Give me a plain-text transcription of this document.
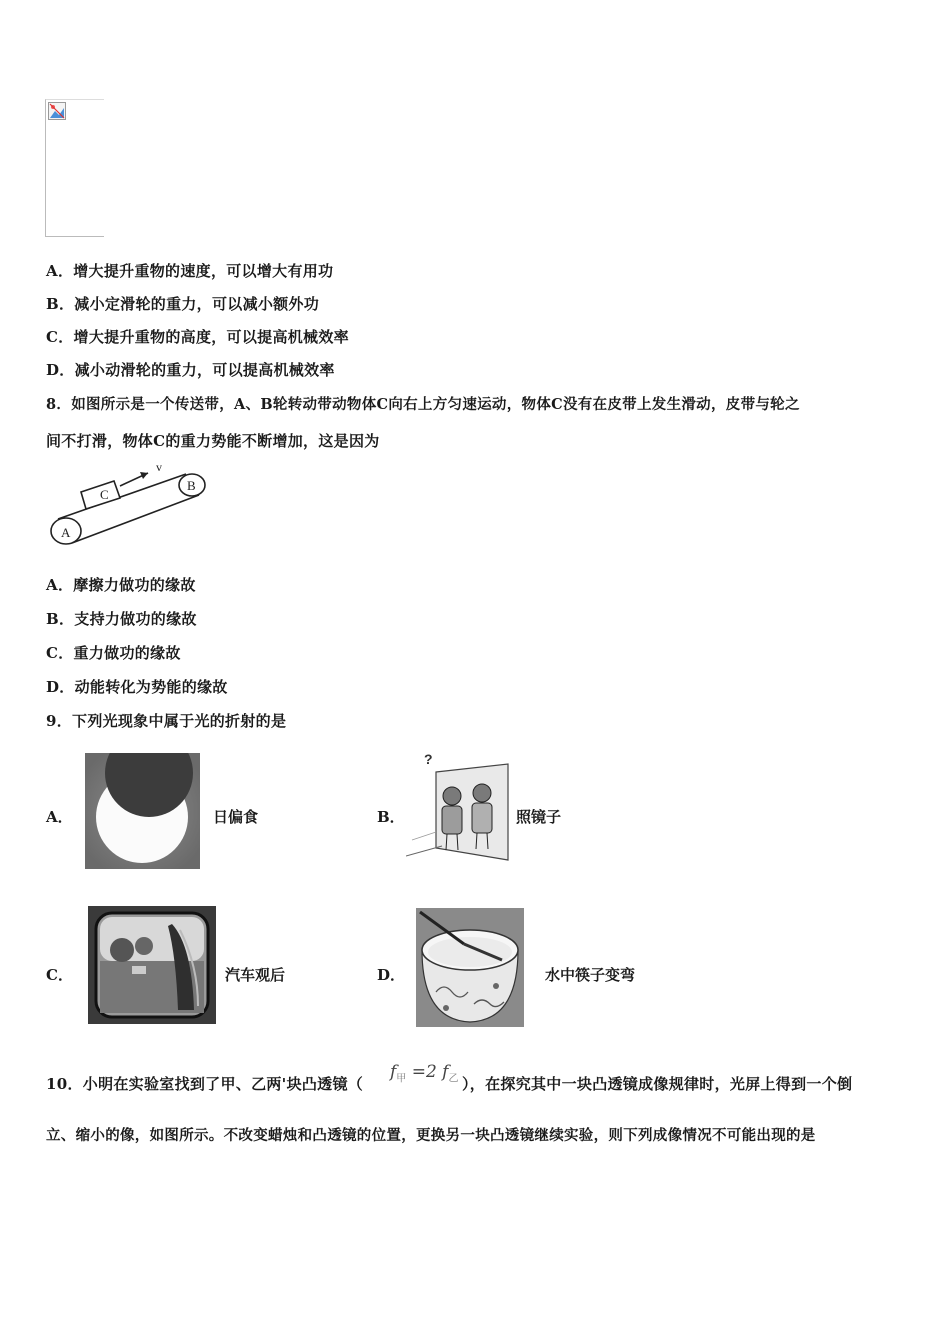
A．增大提升重物的速度，可以增大有用功
B．减小定滑轮的重力，可以减小额外功
C．增大提升重物的高度，可以提高机械效率
D．减小动滑轮的重力，可以提高机械效率
8．如图所示是一个传送带，A、B轮转动带动物体C向右上方匀速运动，物体C没有在皮带上发生滑动，皮带与轮之
间不打滑，物体C的重力势能不断增加，这是因为
C
v
B
A
A．摩擦力做功的缘故
B．支持力做功的缘故
C．重力做功的缘故
D．动能转化为势能的缘故
9．下列光现象中属于光的折射的是
A．	日偏食	B．
?
照镜子
C．	汽车观后	D．	水中筷子变弯
10．小明在实验室找到了甲、乙两'块凸透镜（
$f_甲 =2$ $f_乙$ ），在探究其中一块凸透镜成像规律时，光屏上得到一个倒
立、缩小的像，如图所示。不改变蜡烛和凸透镜的位置，更换另一块凸透镜继续实验，则下列成像情况不可能出现的是
